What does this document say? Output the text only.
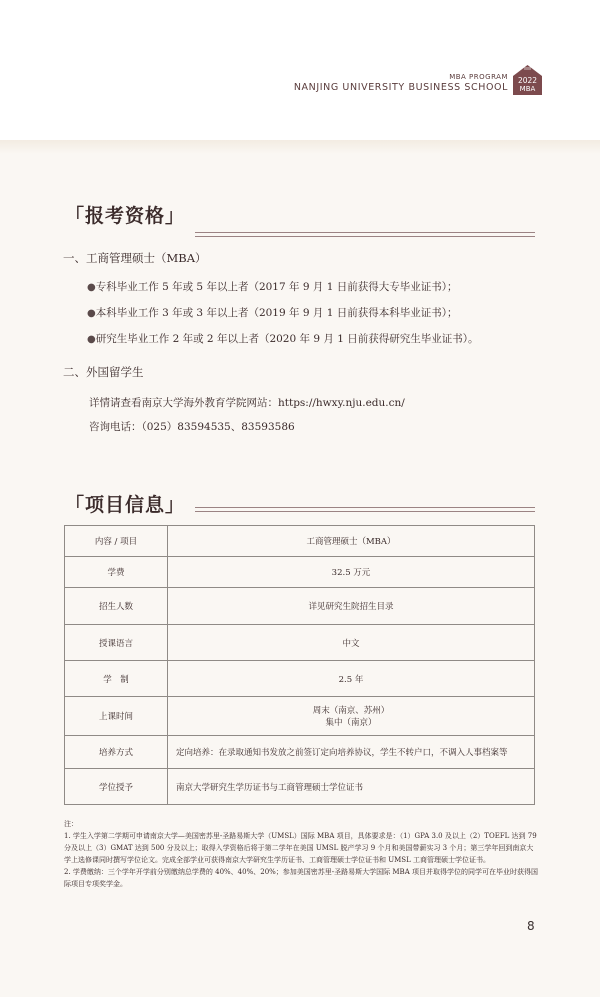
MBA PROGRAM
NANJING UNIVERSITY BUSINESS SCHOOL
2022
MBA
「报考资格」
一、工商管理硕士（MBA）
●专科毕业工作 5 年或 5 年以上者（2017 年 9 月 1 日前获得大专毕业证书）；
●本科毕业工作 3 年或 3 年以上者（2019 年 9 月 1 日前获得本科毕业证书）；
●研究生毕业工作 2 年或 2 年以上者（2020 年 9 月 1 日前获得研究生毕业证书）。
二、外国留学生
详情请查看南京大学海外教育学院网站：https://hwxy.nju.edu.cn/
咨询电话：（025）83594535、83593586
「项目信息」
内容 / 项目	工商管理硕士（MBA）
学费	32.5 万元
招生人数	详见研究生院招生目录
授课语言	中文
学　制	2.5 年
上课时间	周末（南京、苏州）
集中（南京）

培养方式	定向培养：在录取通知书发放之前签订定向培养协议，学生不转户口，不调入人事档案等
学位授予	南京大学研究生学历证书与工商管理硕士学位证书
注：
1. 学生入学第二学期可申请南京大学—美国密苏里-圣路易斯大学（UMSL）国际 MBA 项目，具体要求是：（1）GPA 3.0 及以上（2）TOEFL 达到 79 分及以上（3）GMAT 达到 500 分及以上；取得入学资格后将于第二学年在美国 UMSL 脱产学习 9 个月和美国带薪实习 3 个月；第三学年回到南京大学上选修课同时撰写学位论文。完成全部学业可获得南京大学研究生学历证书、工商管理硕士学位证书和 UMSL 工商管理硕士学位证书。
2. 学费缴纳：三个学年开学前分别缴纳总学费的 40%、40%、20%；参加美国密苏里-圣路易斯大学国际 MBA 项目并取得学位的同学可在毕业时获得国际项目专项奖学金。
8
